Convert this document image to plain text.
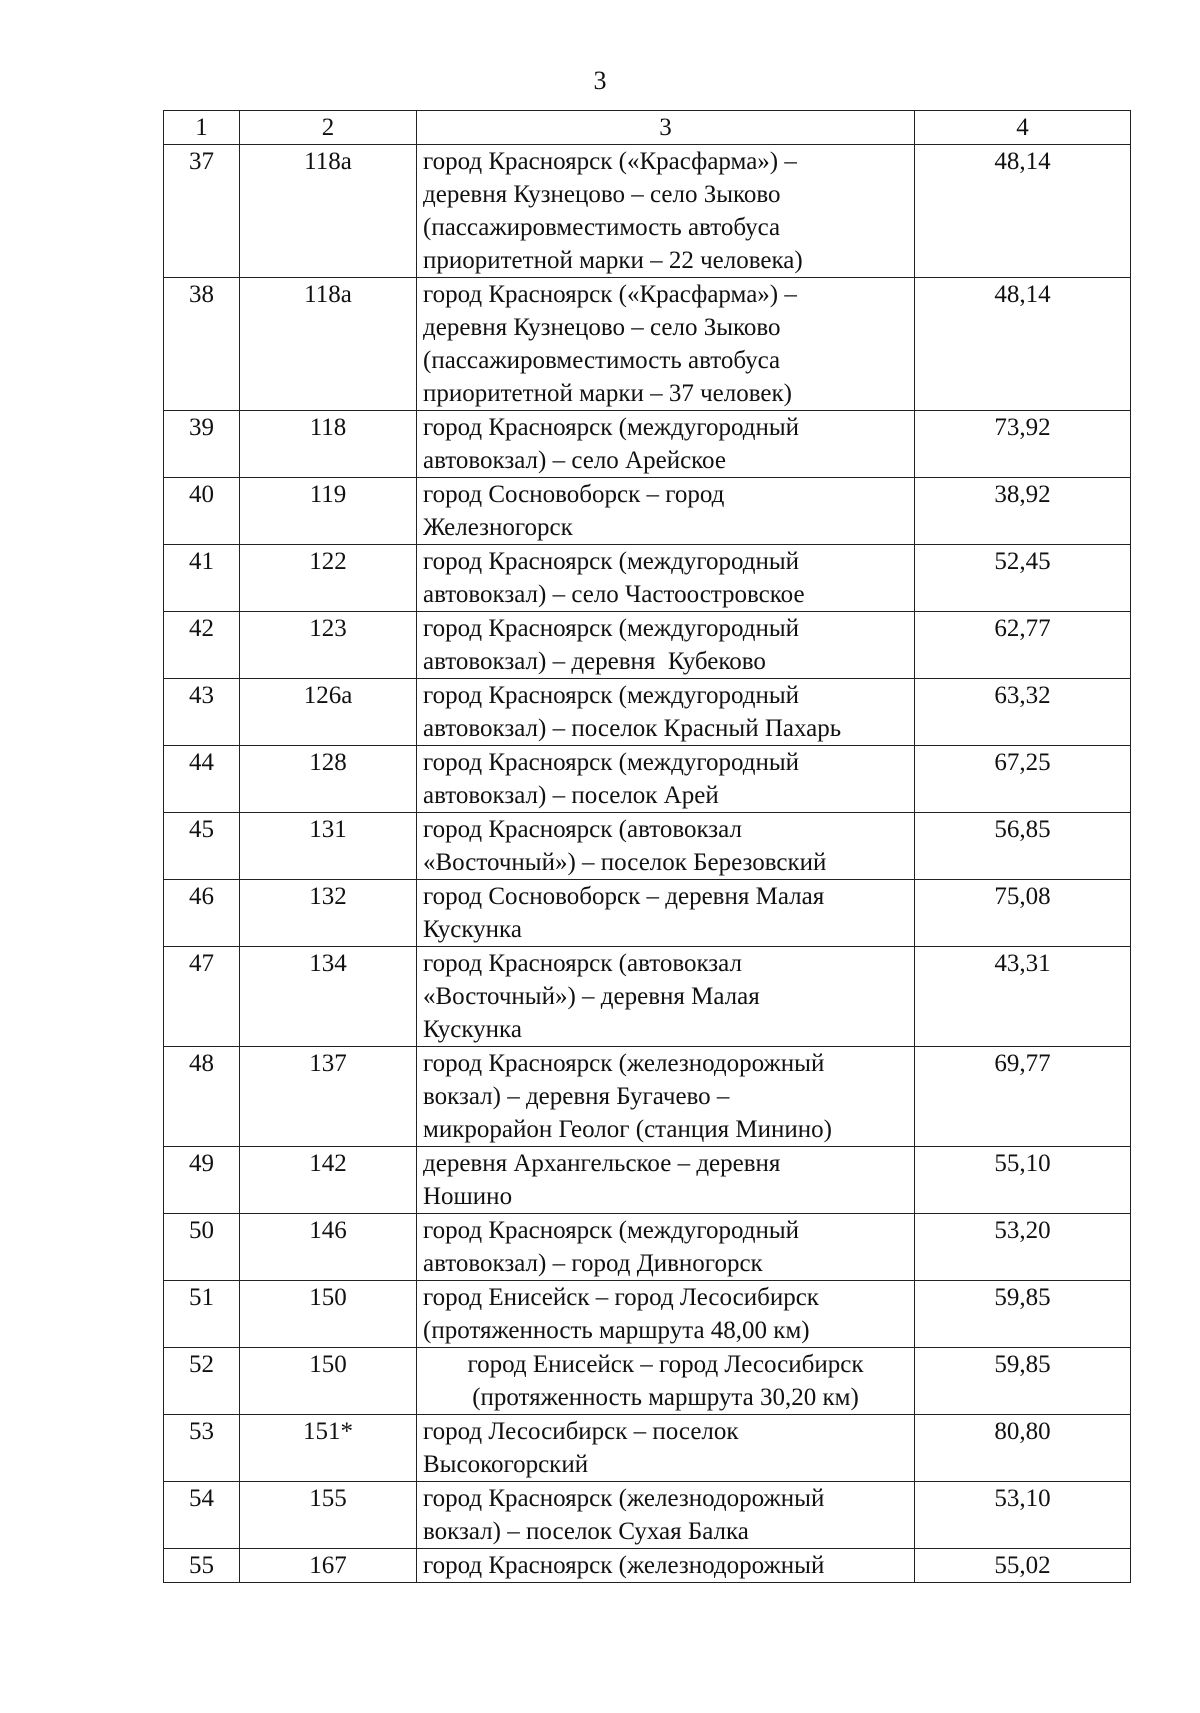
3
1	2	3	4
37	118а	город Красноярск («Красфарма») –
деревня Кузнецово – село Зыково
(пассажировместимость автобуса
приоритетной марки – 22 человека)	48,14
38	118а	город Красноярск («Красфарма») –
деревня Кузнецово – село Зыково
(пассажировместимость автобуса
приоритетной марки – 37 человек)	48,14
39	118	город Красноярск (междугородный
автовокзал) – село Арейское	73,92
40	119	город Сосновоборск – город
Железногорск	38,92
41	122	город Красноярск (междугородный
автовокзал) – село Частоостровское	52,45
42	123	город Красноярск (междугородный
автовокзал) – деревня  Кубеково	62,77
43	126а	город Красноярск (междугородный
автовокзал) – поселок Красный Пахарь	63,32
44	128	город Красноярск (междугородный
автовокзал) – поселок Арей	67,25
45	131	город Красноярск (автовокзал
«Восточный») – поселок Березовский	56,85
46	132	город Сосновоборск – деревня Малая
Кускунка	75,08
47	134	город Красноярск (автовокзал
«Восточный») – деревня Малая
Кускунка	43,31
48	137	город Красноярск (железнодорожный
вокзал) – деревня Бугачево –
микрорайон Геолог (станция Минино)	69,77
49	142	деревня Архангельское – деревня
Ношино	55,10
50	146	город Красноярск (междугородный
автовокзал) – город Дивногорск	53,20
51	150	город Енисейск – город Лесосибирск
(протяженность маршрута 48,00 км)	59,85
52	150	город Енисейск – город Лесосибирск
(протяженность маршрута 30,20 км)	59,85
53	151*	город Лесосибирск – поселок
Высокогорский	80,80
54	155	город Красноярск (железнодорожный
вокзал) – поселок Сухая Балка	53,10
55	167	город Красноярск (железнодорожный	55,02
